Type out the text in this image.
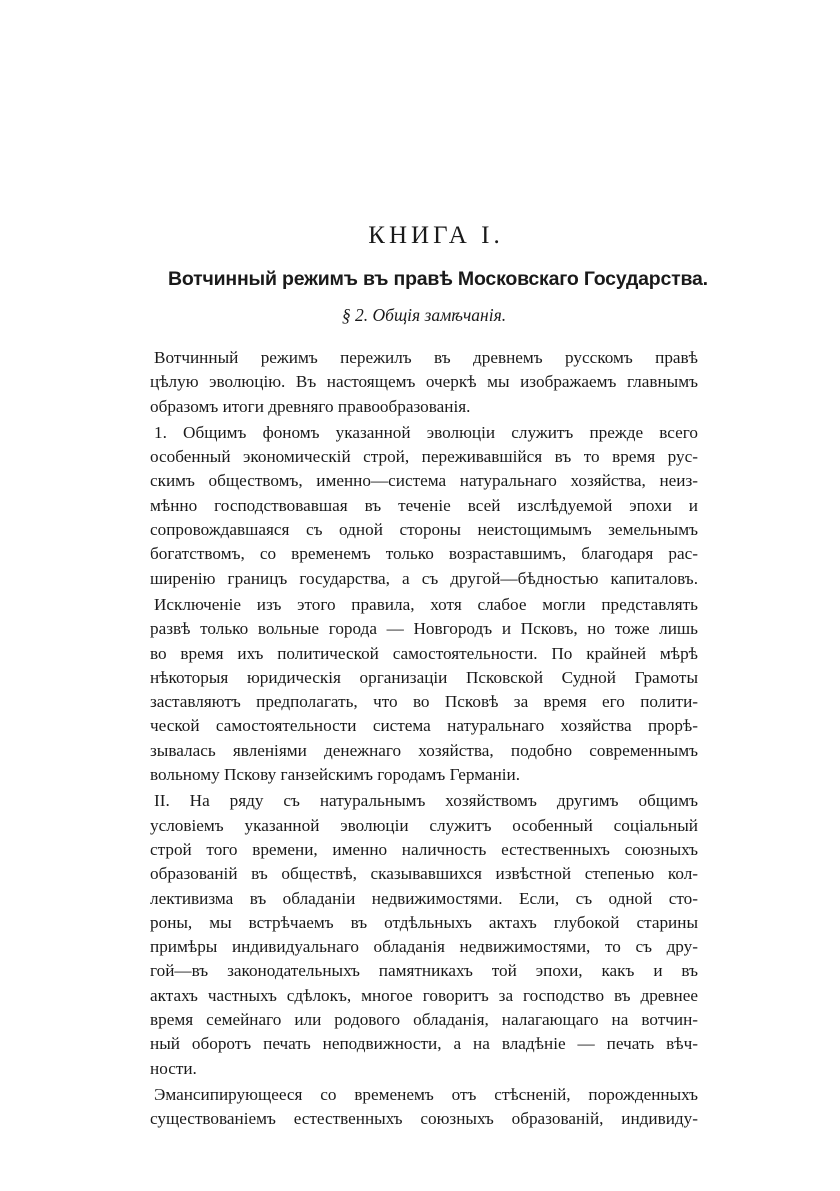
КНИГА I.
Вотчинный режимъ въ правѣ Московскаго Государства.
§ 2. Общія замѣчанія.
Вотчинный режимъ пережилъ въ древнемъ русскомъ правѣ
цѣлую эволюцію. Въ настоящемъ очеркѣ мы изображаемъ главнымъ
образомъ итоги древняго правообразованія.
1. Общимъ фономъ указанной эволюціи служитъ прежде всего
особенный экономическій строй, переживавшійся въ то время рус-
скимъ обществомъ, именно—система натуральнаго хозяйства, неиз-
мѣнно господствовавшая въ теченіе всей изслѣдуемой эпохи и
сопровождавшаяся съ одной стороны неистощимымъ земельнымъ
богатствомъ, со временемъ только возраставшимъ, благодаря рас-
ширенію границъ государства, а съ другой—бѣдностью капиталовъ.
Исключеніе изъ этого правила, хотя слабое могли представлять
развѣ только вольные города — Новгородъ и Псковъ, но тоже лишь
во время ихъ политической самостоятельности. По крайней мѣрѣ
нѣкоторыя юридическія организаціи Псковской Судной Грамоты
заставляютъ предполагать, что во Псковѣ за время его полити-
ческой самостоятельности система натуральнаго хозяйства проpѣ-
зывалась явленіями денежнаго хозяйства, подобно современнымъ
вольному Пскову ганзейскимъ городамъ Германіи.
II. На ряду съ натуральнымъ хозяйствомъ другимъ общимъ
условіемъ указанной эволюціи служитъ особенный соціальный
строй того времени, именно наличность естественныхъ союзныхъ
образованій въ обществѣ, сказывавшихся извѣстной степенью кол-
лективизма въ обладаніи недвижимостями. Если, съ одной сто-
роны, мы встрѣчаемъ въ отдѣльныхъ актахъ глубокой старины
примѣры индивидуальнаго обладанія недвижимостями, то съ дру-
гой—въ законодательныхъ памятникахъ той эпохи, какъ и въ
актахъ частныхъ сдѣлокъ, многое говоритъ за господство въ древнее
время семейнаго или родового обладанія, налагающаго на вотчин-
ный оборотъ печать неподвижности, а на владѣніе — печать вѣч-
ности.
Эмансипирующееся со временемъ отъ стѣсненій, порожденныхъ
существованіемъ естественныхъ союзныхъ образованій, индивиду-
